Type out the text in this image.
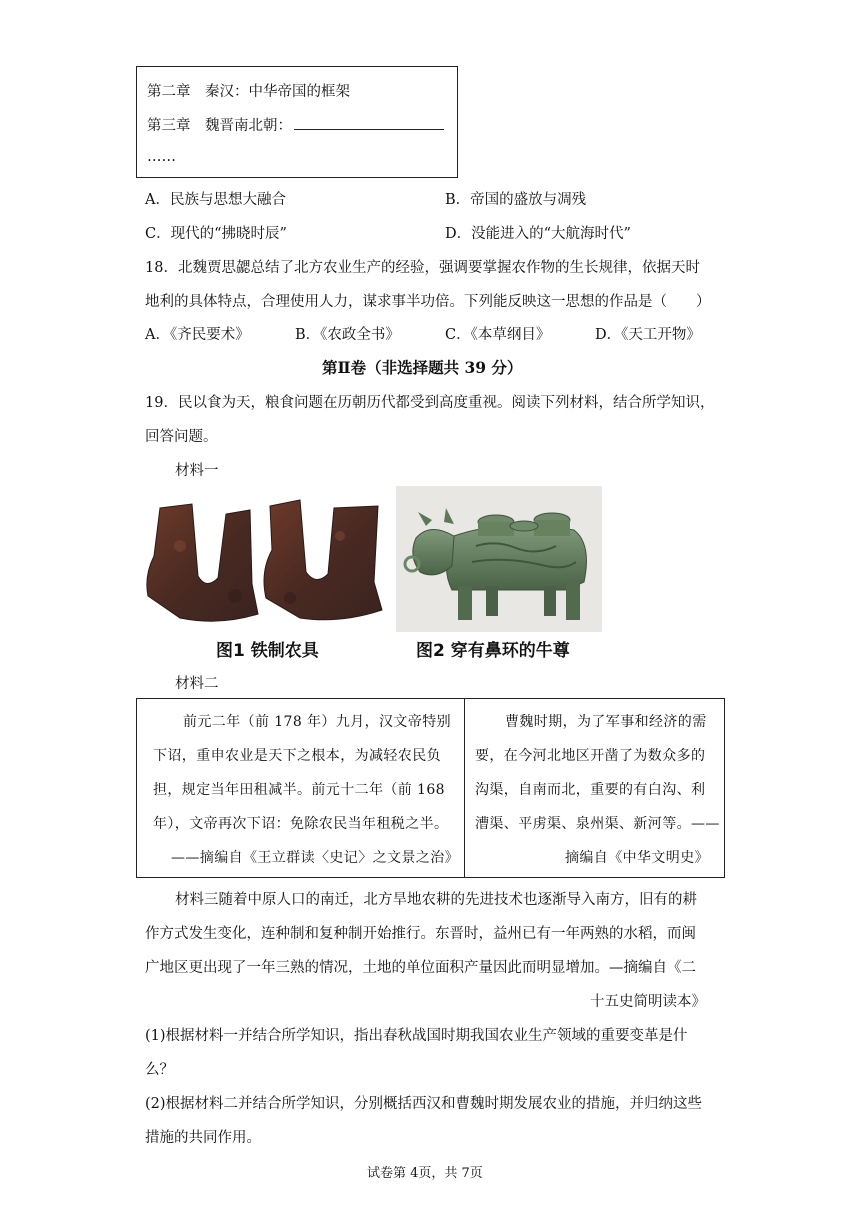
第二章　秦汉：中华帝国的框架
第三章　魏晋南北朝：
……
A．民族与思想大融合	B．帝国的盛放与凋残
C．现代的“拂晓时辰”	D．没能进入的“大航海时代”
18．北魏贾思勰总结了北方农业生产的经验，强调要掌握农作物的生长规律，依据天时
地利的具体特点，合理使用人力，谋求事半功倍。下列能反映这一思想的作品是（　　）
A．《齐民要术》	B．《农政全书》	C．《本草纲目》	D．《天工开物》
第Ⅱ卷（非选择题共 39 分）
19．民以食为天，粮食问题在历朝历代都受到高度重视。阅读下列材料，结合所学知识，
回答问题。
材料一
图1 铁制农具	图2 穿有鼻环的牛尊
材料二
前元二年（前 178 年）九月，汉文帝特别
下诏，重申农业是天下之根本，为减轻农民负
担，规定当年田租减半。前元十二年（前 168
年），文帝再次下诏：免除农民当年租税之半。
——摘编自《王立群读〈史记〉之文景之治》

曹魏时期，为了军事和经济的需
要，在今河北地区开凿了为数众多的
沟渠，自南而北，重要的有白沟、利
漕渠、平虏渠、泉州渠、新河等。——
摘编自《中华文明史》
材料三随着中原人口的南迁，北方旱地农耕的先进技术也逐渐导入南方，旧有的耕
作方式发生变化，连种制和复种制开始推行。东晋时，益州已有一年两熟的水稻，而闽
广地区更出现了一年三熟的情况，土地的单位面积产量因此而明显增加。—摘编自《二
十五史简明读本》
(1)根据材料一并结合所学知识，指出春秋战国时期我国农业生产领域的重要变革是什
么？
(2)根据材料二并结合所学知识，分别概括西汉和曹魏时期发展农业的措施，并归纳这些
措施的共同作用。
试卷第 4页，共 7页
